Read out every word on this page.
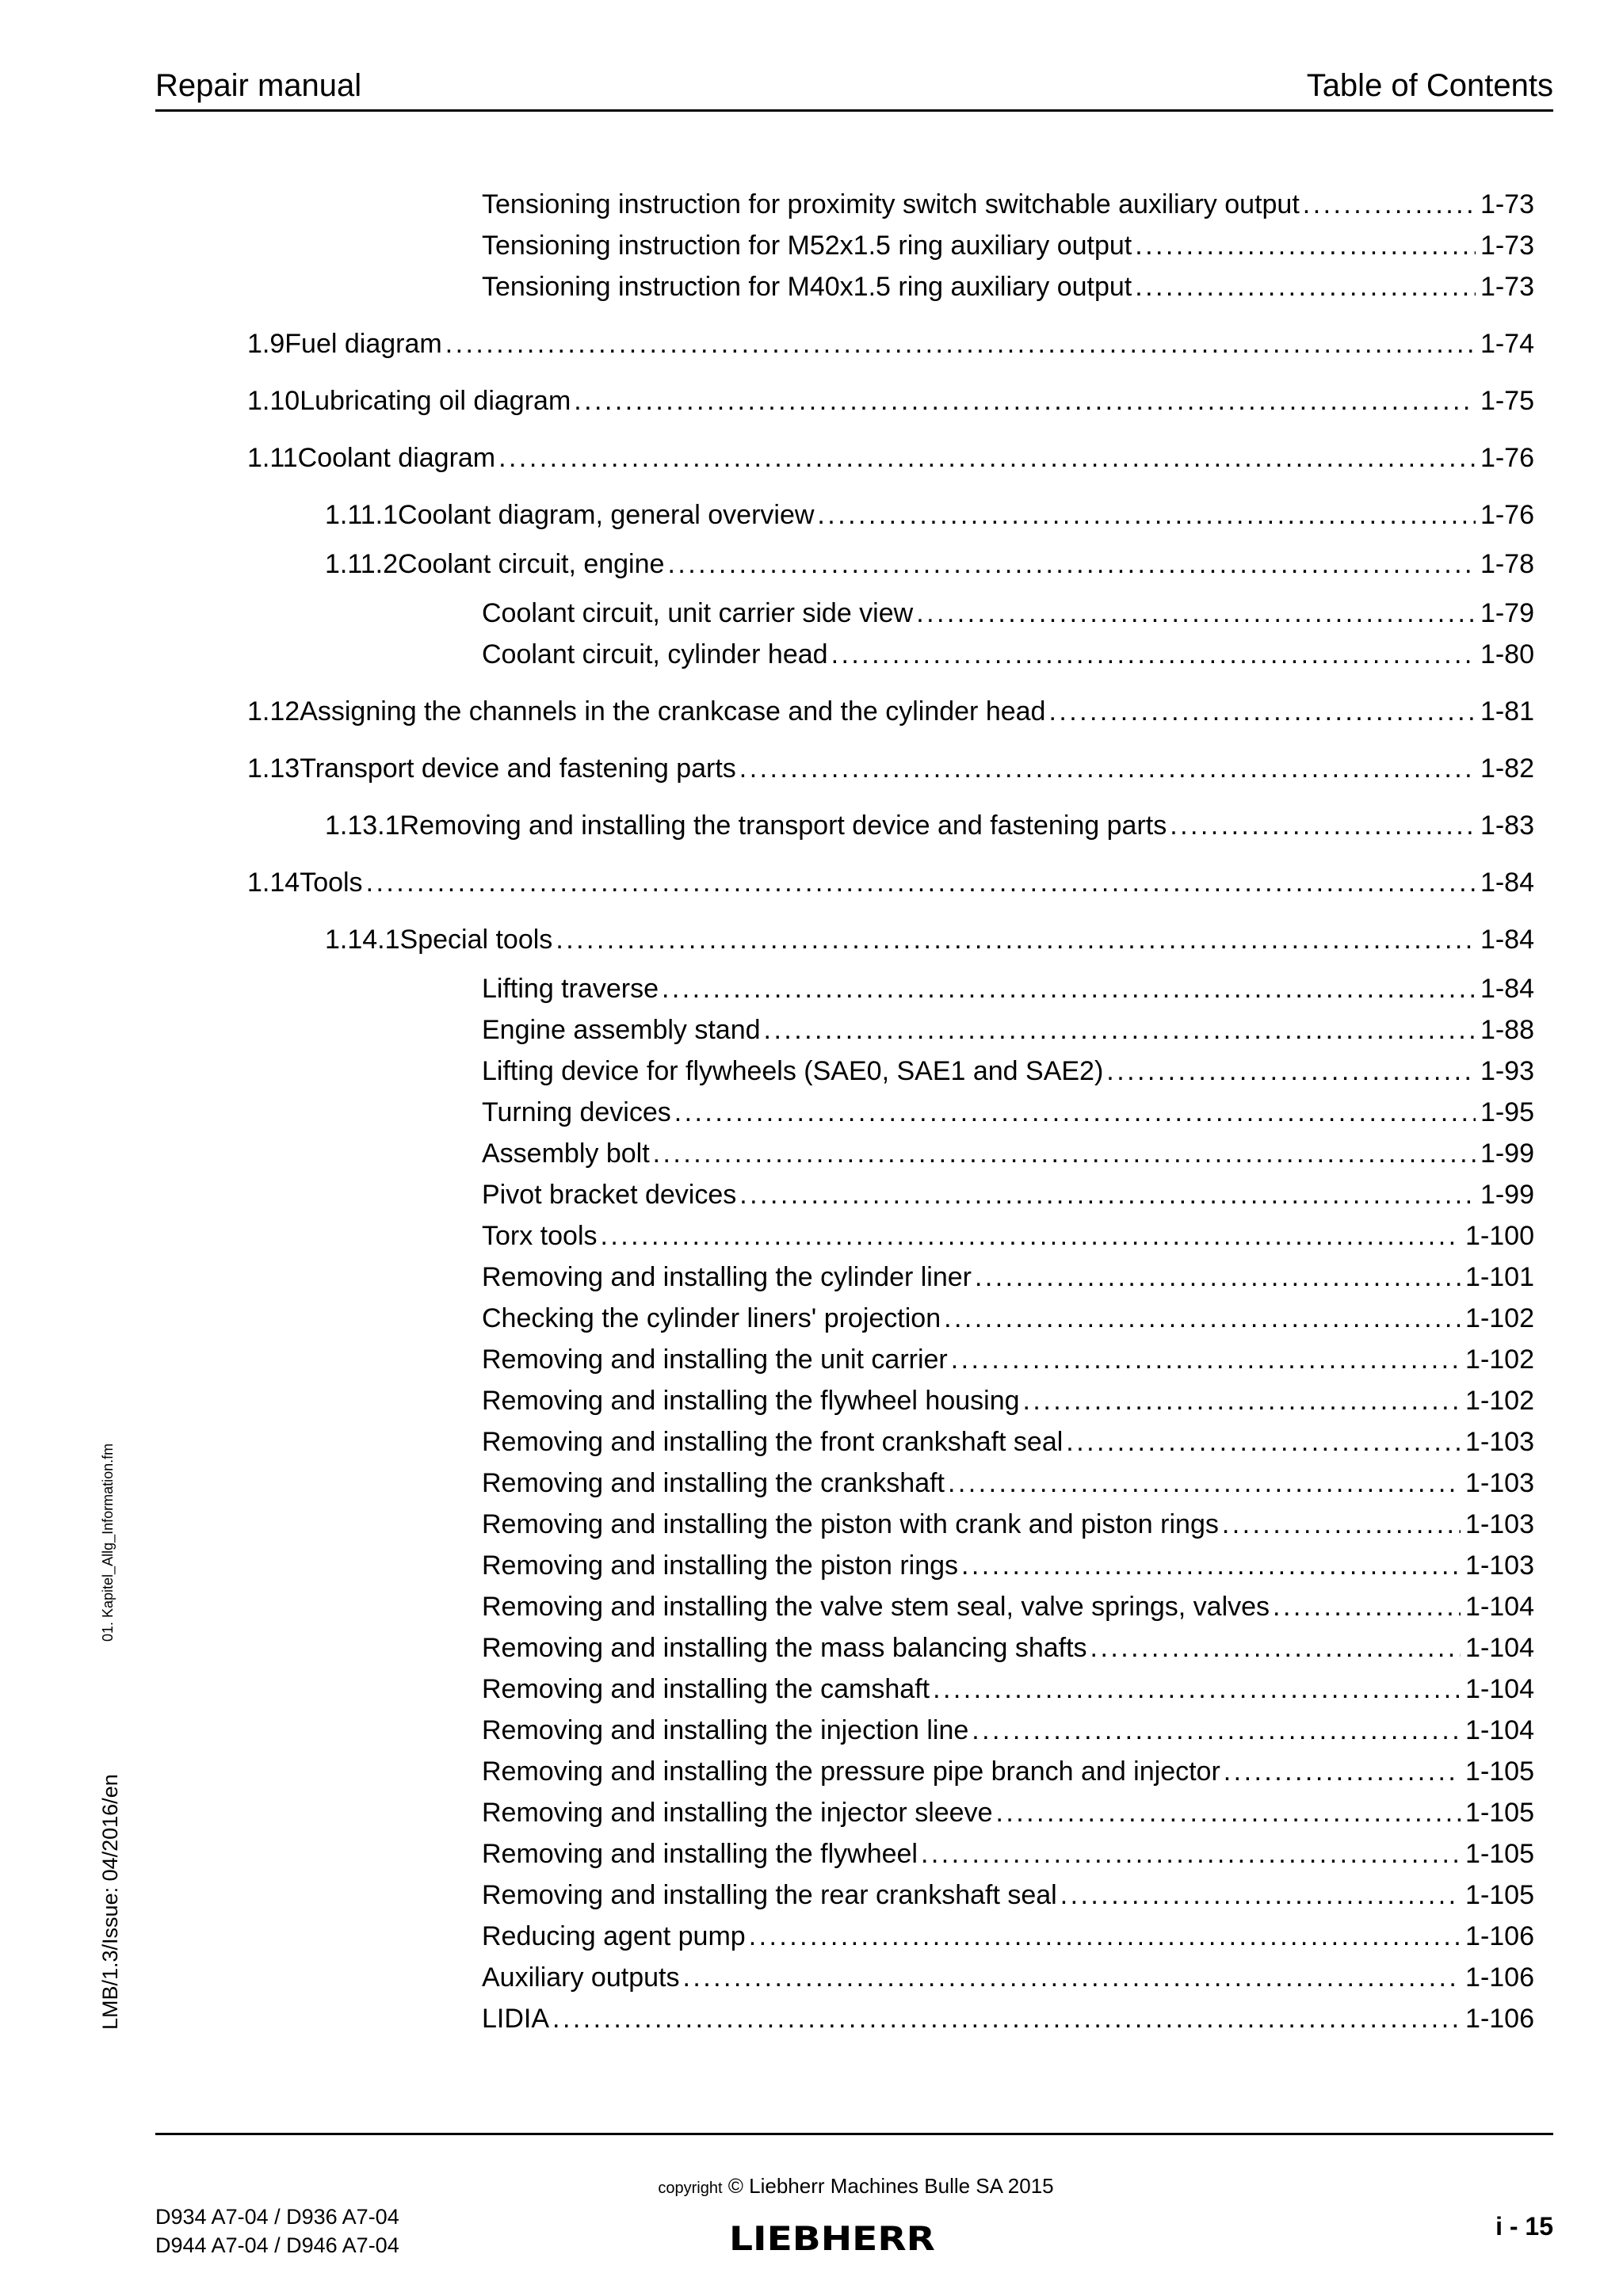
Repair manual	Table of Contents
Tensioning instruction for proximity switch switchable auxiliary output . . .	1-73
Tensioning instruction for M52x1.5 ring auxiliary output . . .	1-73
Tensioning instruction for M40x1.5 ring auxiliary output . . .	1-73
1.9 Fuel diagram . . .	1-74
1.10 Lubricating oil diagram . . .	1-75
1.11 Coolant diagram . . .	1-76
1.11.1 Coolant diagram, general overview . . .	1-76
1.11.2 Coolant circuit, engine . . .	1-78
Coolant circuit, unit carrier side view . . .	1-79
Coolant circuit, cylinder head . . .	1-80
1.12 Assigning the channels in the crankcase and the cylinder head . . .	1-81
1.13 Transport device and fastening parts . . .	1-82
1.13.1 Removing and installing the transport device and fastening parts . . .	1-83
1.14 Tools . . .	1-84
1.14.1 Special tools . . .	1-84
Lifting traverse . . .	1-84
Engine assembly stand . . .	1-88
Lifting device for flywheels (SAE0, SAE1 and SAE2) . . .	1-93
Turning devices . . .	1-95
Assembly bolt . . .	1-99
Pivot bracket devices . . .	1-99
Torx tools . . .	1-100
Removing and installing the cylinder liner . . .	1-101
Checking the cylinder liners' projection . . .	1-102
Removing and installing the unit carrier . . .	1-102
Removing and installing the flywheel housing . . .	1-102
Removing and installing the front crankshaft seal . . .	1-103
Removing and installing the crankshaft . . .	1-103
Removing and installing the piston with crank and piston rings . . .	1-103
Removing and installing the piston rings . . .	1-103
Removing and installing the valve stem seal, valve springs, valves . . .	1-104
Removing and installing the mass balancing shafts . . .	1-104
Removing and installing the camshaft . . .	1-104
Removing and installing the injection line . . .	1-104
Removing and installing the pressure pipe branch and injector . . .	1-105
Removing and installing the injector sleeve . . .	1-105
Removing and installing the flywheel . . .	1-105
Removing and installing the rear crankshaft seal . . .	1-105
Reducing agent pump . . .	1-106
Auxiliary outputs . . .	1-106
LIDIA . . .	1-106
01. Kapitel_Allg_Information.fm
LMB/1.3/Issue: 04/2016/en
copyright © Liebherr Machines Bulle SA 2015
D934 A7-04 / D936 A7-04
D944 A7-04 / D946 A7-04
i - 15
LIEBHERR
